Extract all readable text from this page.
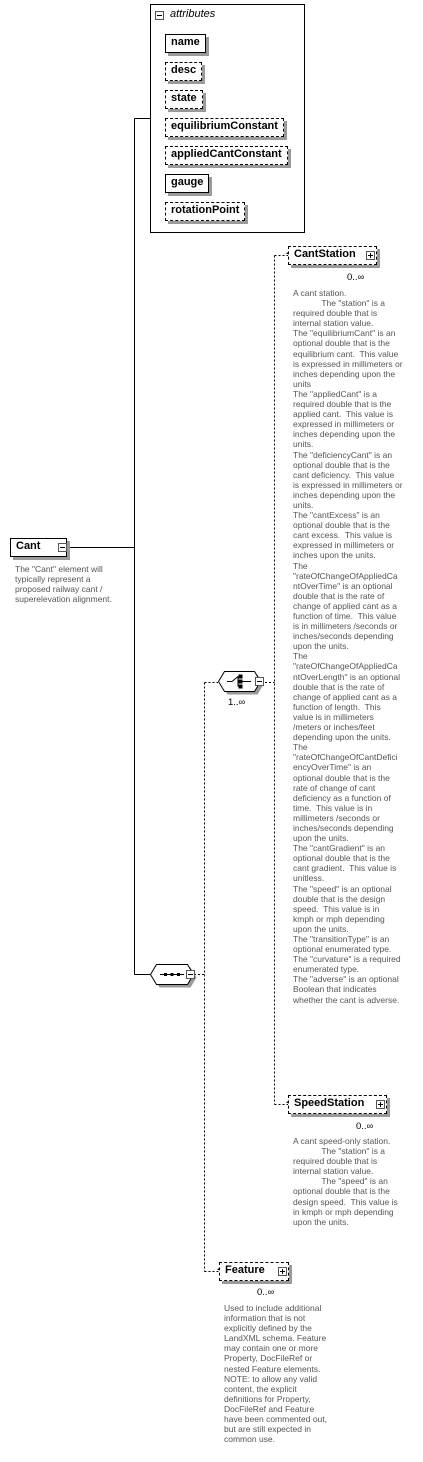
Cant
The "Cant" element will
typically represent a
proposed railway cant /
superelevation alignment.
attributes
name
desc
state
equilibriumConstant
appliedCantConstant
gauge
rotationPoint
1..∞
CantStation
0..∞
A cant station.
The "station" is a
required double that is
internal station value.
The "equilibriumCant" is an
optional double that is the
equilibrium cant.  This value
is expressed in millimeters or
inches depending upon the
units
The "appliedCant" is a
required double that is the
applied cant.  This value is
expressed in millimeters or
inches depending upon the
units.
The "deficiencyCant" is an
optional double that is the
cant deficiency.  This value
is expressed in millimeters or
inches depending upon the
units.
The "cantExcess" is an
optional double that is the
cant excess.  This value is
expressed in millimeters or
inches upon the units.
The
"rateOfChangeOfAppliedCa
ntOverTime" is an optional
double that is the rate of
change of applied cant as a
function of time.  This value
is in millimeters /seconds or
inches/seconds depending
upon the units.
The
"rateOfChangeOfAppliedCa
ntOverLength" is an optional
double that is the rate of
change of applied cant as a
function of length.  This
value is in millimeters
/meters or inches/feet
depending upon the units.
The
"rateOfChangeOfCantDefici
encyOverTime" is an
optional double that is the
rate of change of cant
deficiency as a function of
time.  This value is in
millimeters /seconds or
inches/seconds depending
upon the units.
The "cantGradient" is an
optional double that is the
cant gradient.  This value is
unitless.
The "speed" is an optional
double that is the design
speed.  This value is in
kmph or mph depending
upon the units.
The "transitionType" is an
optional enumerated type.
The "curvature" is a required
enumerated type.
The "adverse" is an optional
Boolean that indicates
whether the cant is adverse.
SpeedStation
0..∞
A cant speed-only station.
The "station" is a
required double that is
internal station value.
The "speed" is an
optional double that is the
design speed.  This value is
in kmph or mph depending
upon the units.
Feature
0..∞
Used to include additional
information that is not
explicitly defined by the
LandXML schema. Feature
may contain one or more
Property, DocFileRef or
nested Feature elements.
NOTE: to allow any valid
content, the explicit
definitions for Property,
DocFileRef and Feature
have been commented out,
but are still expected in
common use.
